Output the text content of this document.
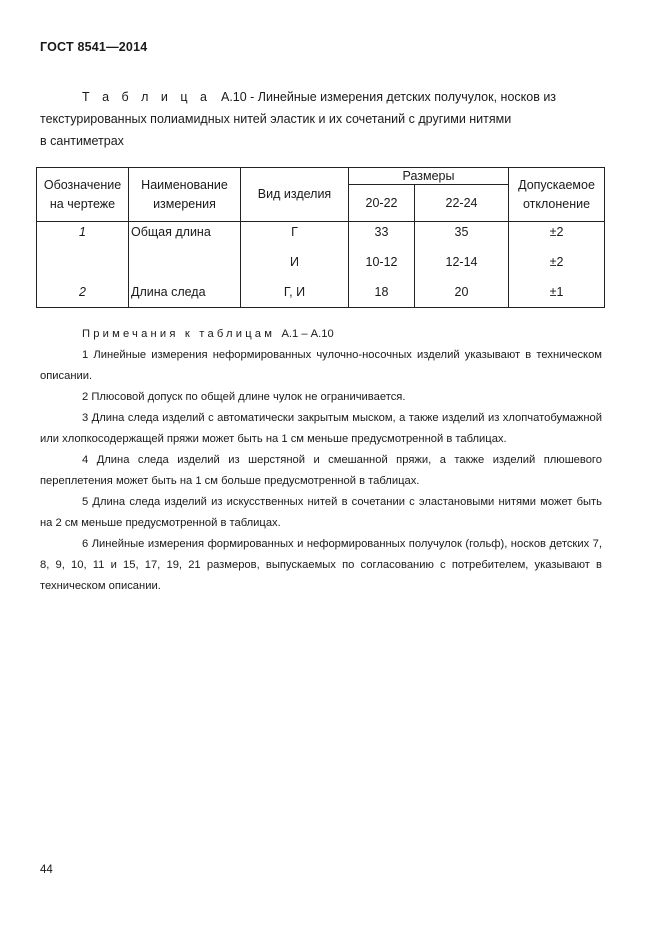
ГОСТ 8541—2014
Т а б л и ц а А.10 - Линейные измерения детских получулок, носков из
текстурированных полиамидных нитей эластик и их сочетаний с другими нитями
в сантиметрах
Обозначение на чертеже	Наименование измерения	Вид изделия	Размеры		Допускаемое отклонение
			20-22	22-24	
1	Общая длина	Г	33	35	±2
		И	10-12	12-14	±2
2	Длина следа	Г, И	18	20	±1
Примечания к таблицам А.1 – А.10

1 Линейные измерения неформированных чулочно-носочных изделий указывают в техническом описании.

2 Плюсовой допуск по общей длине чулок не ограничивается.

3 Длина следа изделий с автоматически закрытым мыском, а также изделий из хлопчатобумажной или хлопкосодержащей пряжи может быть на 1 см меньше предусмотренной в таблицах.

4 Длина следа изделий из шерстяной и смешанной пряжи, а также изделий плюшевого переплетения может быть на 1 см больше предусмотренной в таблицах.

5 Длина следа изделий из искусственных нитей в сочетании с эластановыми нитями может быть на 2 см меньше предусмотренной в таблицах.

6 Линейные измерения формированных и неформированных получулок (гольф), носков детских 7, 8, 9, 10, 11 и 15, 17, 19, 21 размеров, выпускаемых по согласованию с потребителем, указывают в техническом описании.

44
